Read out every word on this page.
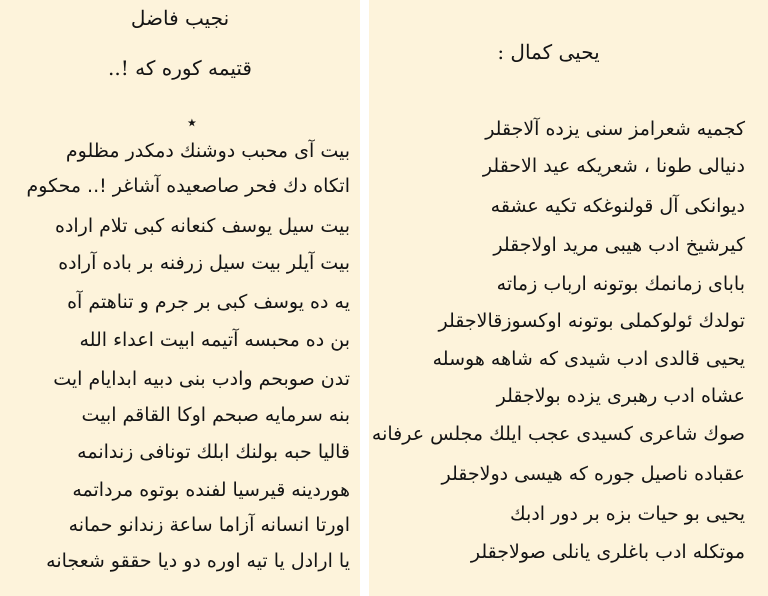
نجيب فاضل
قتيمه كوره كه !..
٭
بيت آى محبب دوشنك دمكدر مظلوم
اتكاه دك فحر صاصعيده آشاغر !.. محكوم
بيت سيل يوسف كنعانه كبى تلام اراده
بيت آيلر بيت سيل زرفنه بر باده آراده
يه ده يوسف كبى بر جرم و تناهتم آه
بن ده محبسه آتيمه ابيت اعداء الله
تدن صوبحم وادب بنى دبيه ابدايام ايت
بنه سرمايه صبحم اوكا القاقم ابيت
قاليا حبه بولنك ابلك تونافى زندانمه
هوردينه قيرسيا لفنده بوتوه مرداتمه
اورتا انسانه آزاما ساعة زندانو حمانه
يا ارادل يا تيه اوره دو ديا حققو شعجانه
يحيى كمال :
كجميه شعرامز سنى يزده آلاجقلر
دنيالى طونا ، شعريكه عيد الاحقلر
ديوانكى آل قولنوغكه تكيه عشقه
كيرشيخ ادب هيبى مريد اولاجقلر
باباى زمانمك بوتونه ارباب زماته
تولدك ئولوكملى بوتونه اوكسوزقالاجقلر
يحيى قالدى ادب شيدى كه شاهه هوسله
عشاه ادب رهبرى يزده بولاجقلر
صوك شاعرى كسيدى عجب ايلك مجلس عرفانه
عقباده ناصيل جوره كه هيسى دولاجقلر
يحيى بو حيات بزه بر دور ادبك
موتكله ادب باغلرى يانلى صولاجقلر
